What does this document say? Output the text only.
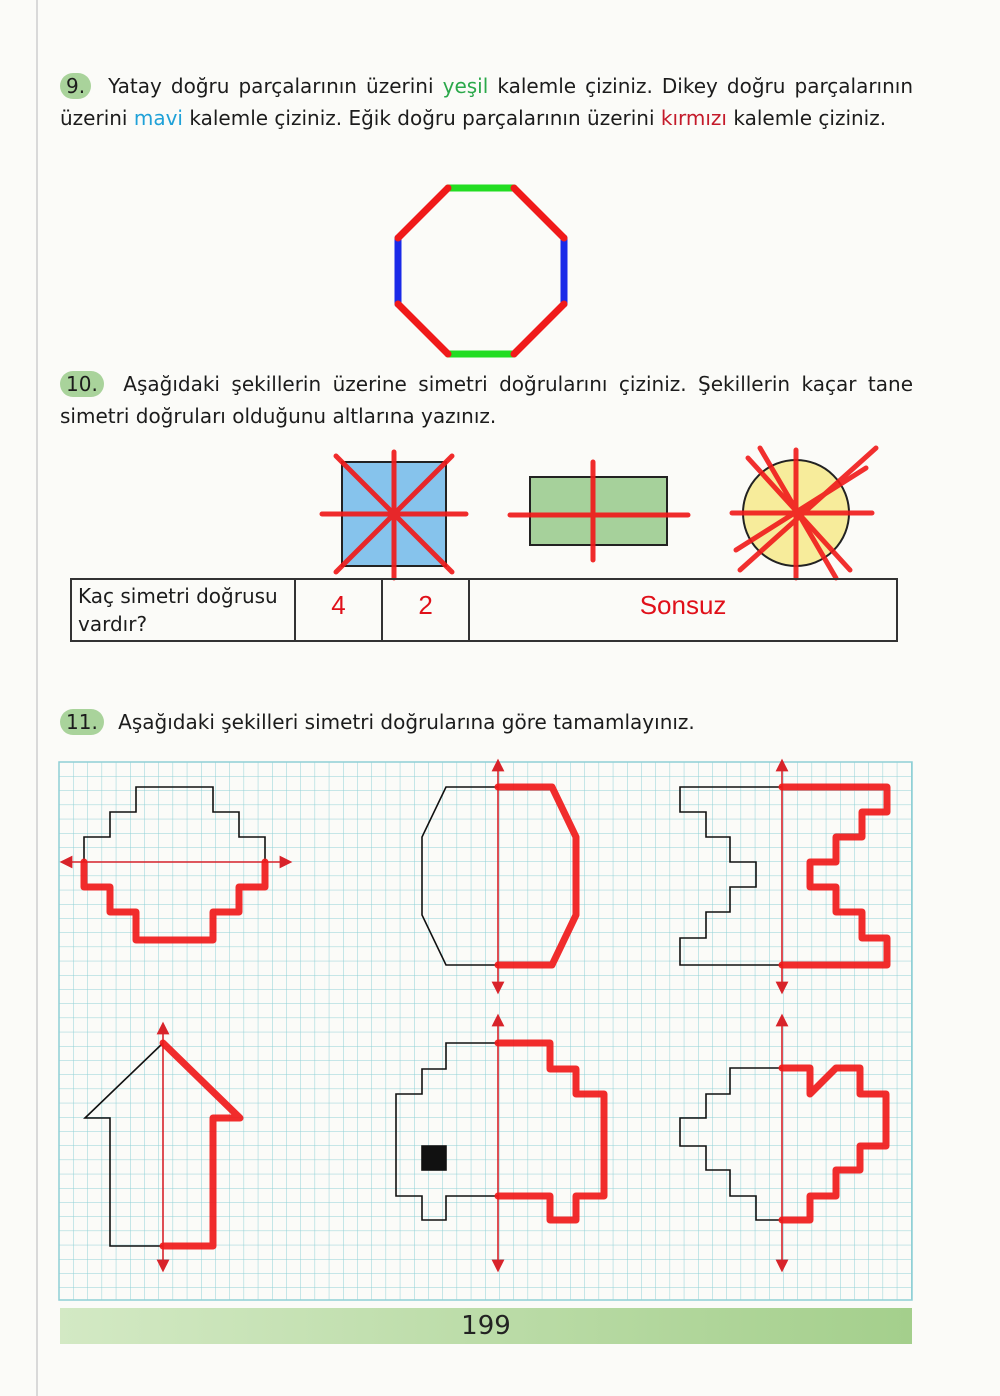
9. Yatay doğru parçalarının üzerini yeşil kalemle çiziniz. Dikey doğru parçalarının üzerini mavi kalemle çiziniz. Eğik doğru parçalarının üzerini kırmızı kalemle çiziniz.
10. Aşağıdaki şekillerin üzerine simetri doğrularını çiziniz. Şekillerin kaçar tane simetri doğruları olduğunu altlarına yazınız.
Kaç simetri doğrusu vardır?	4	2	Sonsuz
11. Aşağıdaki şekilleri simetri doğrularına göre tamamlayınız.
199
